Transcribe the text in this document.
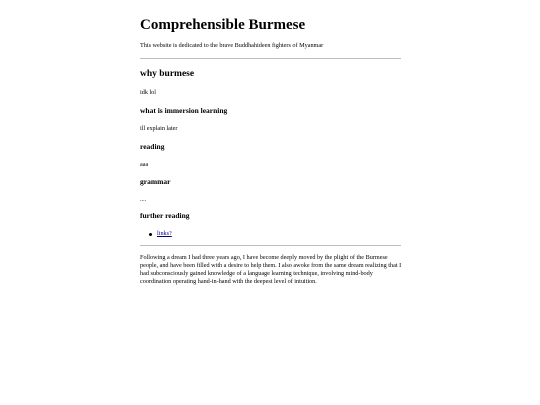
Comprehensible Burmese

This website is dedicated to the brave Buddhahideen fighters of Myanmar

why burmese

idk lol

what is immersion learning

ill explain later

reading

aaa

grammar

....

further reading
links?

Following a dream I had three years ago, I have become deeply moved by the plight of the Burmese people, and have been filled with a desire to help them. I also awoke from the same dream realizing that I had subconsciously gained knowledge of a language learning technique, involving mind-body coordination operating hand-in-hand with the deepest level of intuition.
